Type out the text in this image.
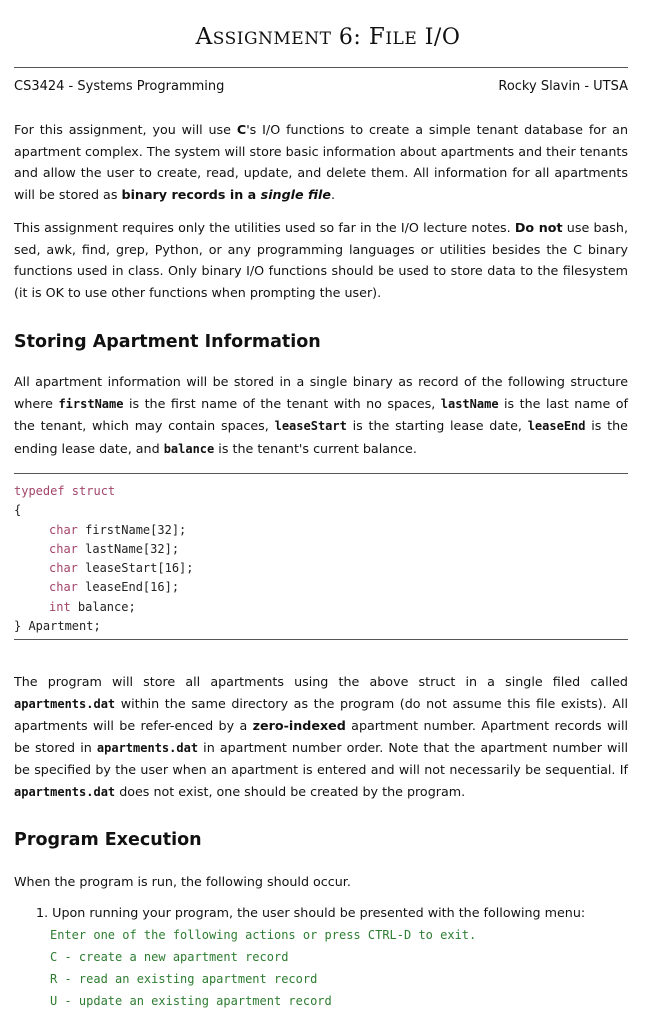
ASSIGNMENT 6: FILE I/O
CS3424 - Systems Programming	Rocky Slavin - UTSA

For this assignment, you will use C's I/O functions to create a simple tenant database for an apartment complex. The system will store basic information about apartments and their tenants and allow the user to create, read, update, and delete them. All information for all apartments will be stored as binary records in a single file.

This assignment requires only the utilities used so far in the I/O lecture notes. Do not use bash, sed, awk, find, grep, Python, or any programming languages or utilities besides the C binary functions used in class. Only binary I/O functions should be used to store data to the filesystem (it is OK to use other functions when prompting the user).

Storing Apartment Information

All apartment information will be stored in a single binary as record of the following structure where firstName is the first name of the tenant with no spaces, lastName is the last name of the tenant, which may contain spaces, leaseStart is the starting lease date, leaseEnd is the ending lease date, and balance is the tenant's current balance.

typedef struct
{
char firstName[32];
char lastName[32];
char leaseStart[16];
char leaseEnd[16];
int balance;
} Apartment;

The program will store all apartments using the above struct in a single filed called apartments.dat within the same directory as the program (do not assume this file exists). All apartments will be refer-enced by a zero-indexed apartment number. Apartment records will be stored in apartments.dat in apartment number order. Note that the apartment number will be specified by the user when an apartment is entered and will not necessarily be sequential. If apartments.dat does not exist, one should be created by the program.

Program Execution

When the program is run, the following should occur.

1. Upon running your program, the user should be presented with the following menu:
Enter one of the following actions or press CTRL-D to exit.
C - create a new apartment record
R - read an existing apartment record
U - update an existing apartment record
